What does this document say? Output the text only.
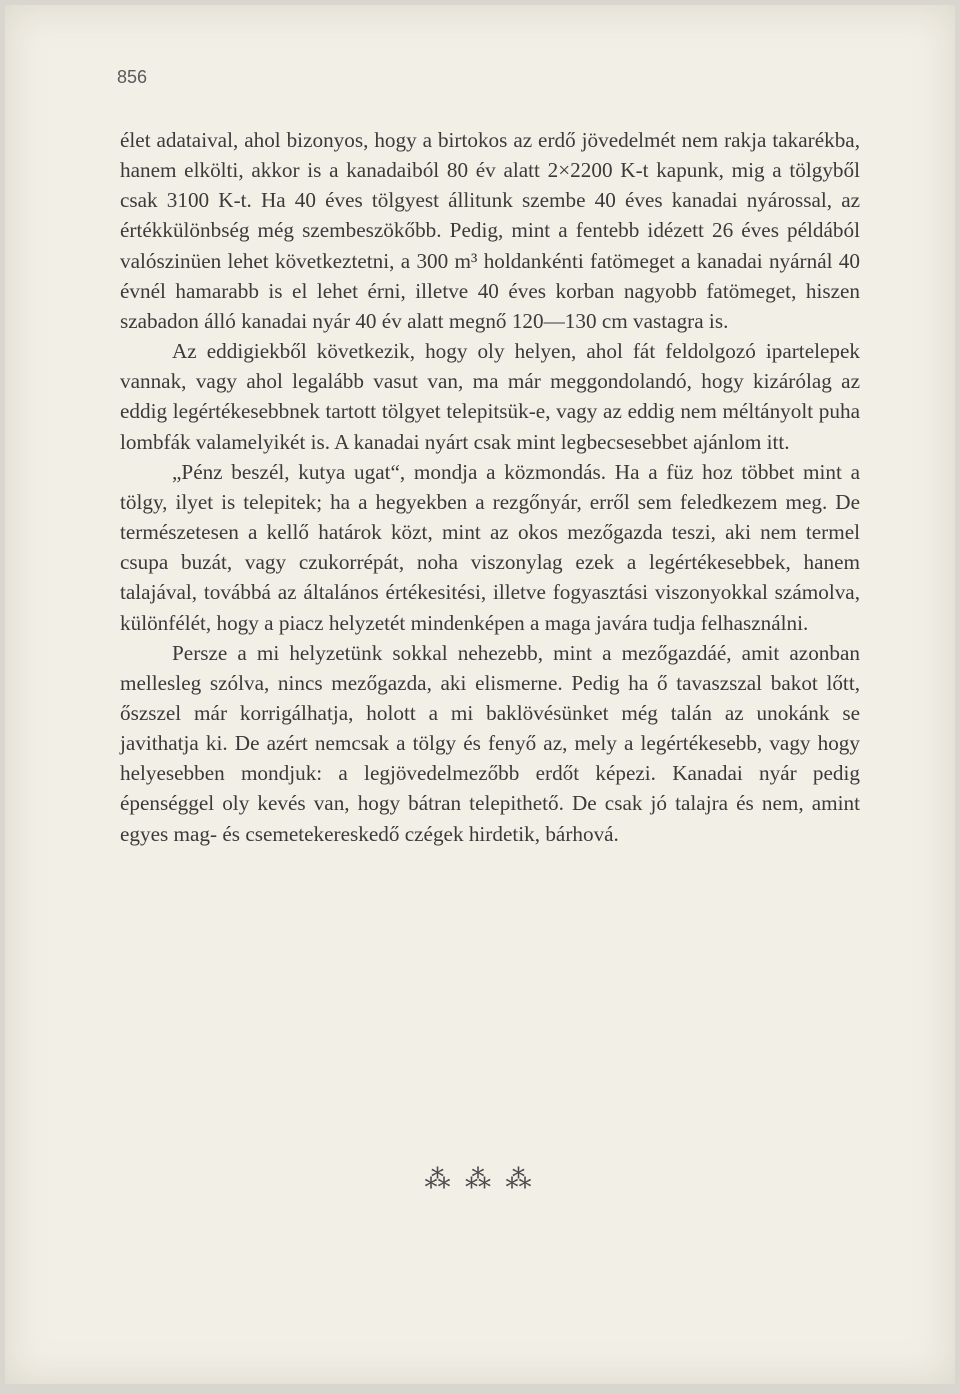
856

élet adataival, ahol bizonyos, hogy a birtokos az erdő jövedelmét nem rakja takarékba, hanem elkölti, akkor is a kanadaiból 80 év alatt 2×2200 K-t kapunk, mig a tölgyből csak 3100 K-t. Ha 40 éves tölgyest állitunk szembe 40 éves kanadai nyárossal, az értékkülönbség még szembeszökőbb. Pedig, mint a fentebb idézett 26 éves példából valószinüen lehet következtetni, a 300 m³ holdankénti fatömeget a kanadai nyárnál 40 évnél hamarabb is el lehet érni, illetve 40 éves korban nagyobb fatömeget, hiszen szabadon álló kanadai nyár 40 év alatt megnő 120—130 cm vastagra is.

Az eddigiekből következik, hogy oly helyen, ahol fát feldolgozó ipartelepek vannak, vagy ahol legalább vasut van, ma már meggondolandó, hogy kizárólag az eddig legértékesebbnek tartott tölgyet telepitsük-e, vagy az eddig nem méltányolt puha lombfák valamelyikét is. A kanadai nyárt csak mint legbecsesebbet ajánlom itt.

„Pénz beszél, kutya ugat“, mondja a közmondás. Ha a füz hoz többet mint a tölgy, ilyet is telepitek; ha a hegyekben a rezgőnyár, erről sem feledkezem meg. De természetesen a kellő határok közt, mint az okos mezőgazda teszi, aki nem termel csupa buzát, vagy czukorrépát, noha viszonylag ezek a legértékesebbek, hanem talajával, továbbá az általános értékesitési, illetve fogyasztási viszonyokkal számolva, különfélét, hogy a piacz helyzetét mindenképen a maga javára tudja felhasználni.

Persze a mi helyzetünk sokkal nehezebb, mint a mezőgazdáé, amit azonban mellesleg szólva, nincs mezőgazda, aki elismerne. Pedig ha ő tavaszszal bakot lőtt, őszszel már korrigálhatja, holott a mi baklövésünket még talán az unokánk se javithatja ki. De azért nemcsak a tölgy és fenyő az, mely a legértékesebb, vagy hogy helyesebben mondjuk: a legjövedelmezőbb erdőt képezi. Kanadai nyár pedig épenséggel oly kevés van, hogy bátran telepithető. De csak jó talajra és nem, amint egyes mag- és csemetekereskedő czégek hirdetik, bárhová.

⁂ ⁂ ⁂
